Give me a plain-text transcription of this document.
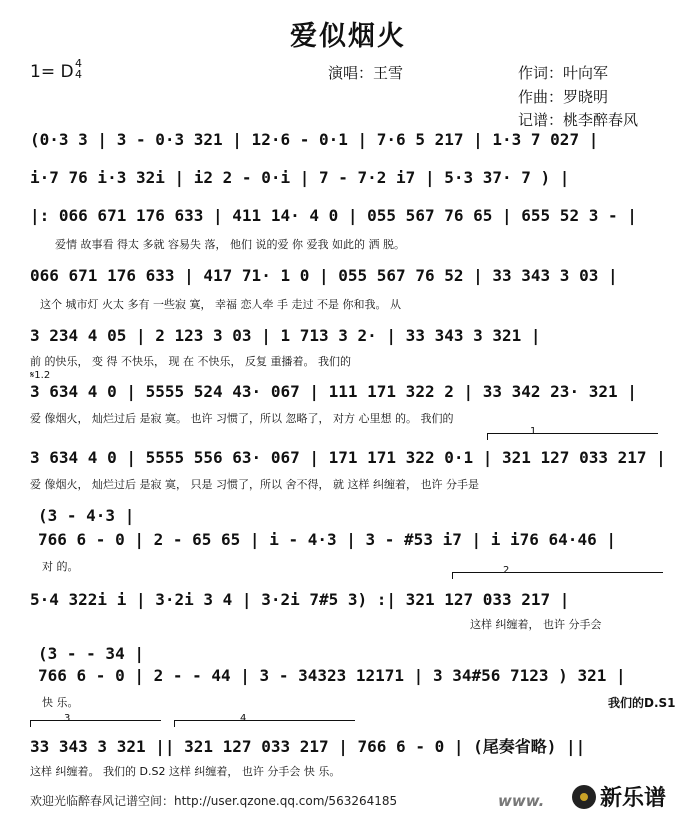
爱似烟火
1= D 4
4	演唱：王雪	作词：叶向军
作曲：罗晓明
记谱：桃李醉春风
(0·3 3 | 3 - 0·3 321 | 12·6 - 0·1 | 7·6 5 217 | 1·3 7 027 |
i·7 76 i·3 32i | i2 2 - 0·i | 7 - 7·2 i7 | 5·3 37· 7 ) |
|: 066 671 176 633 | 411 14· 4 0 | 055 567 76 65 | 655 52 3 - |
爱情 故事看 得太 多就 容易失 落， 他们 说的爱 你 爱我 如此的 洒 脱。
066 671 176 633 | 417 71· 1 0 | 055 567 76 52 | 33 343 3 03 |
这个 城市灯 火太 多有 一些寂 寞， 幸福 恋人牵 手 走过 不是 你和我。 从
3 234 4 05 | 2 123 3 03 | 1 713 3 2· | 33 343 3 321 |
前 的快乐， 变 得 不快乐， 现 在 不快乐， 反复 重播着。 我们的
𝄋1.2
3 634 4 0 | 5555 524 43· 067 | 111 171 322 2 | 33 342 23· 321 |
爱 像烟火， 灿烂过后 是寂 寞。 也许 习惯了，所以 忽略了， 对方 心里想 的。 我们的
1
3 634 4 0 | 5555 556 63· 067 | 171 171 322 0·1 | 321 127 033 217 |
爱 像烟火， 灿烂过后 是寂 寞， 只是 习惯了，所以 舍不得， 就 这样 纠缠着， 也许 分手是
(3 - 4·3 |
766 6 - 0 | 2 - 65 65 | i - 4·3 | 3 - #53 i7 | i i76 64·46 |
对 的。	2
5·4 322i i | 3·2i 3 4 | 3·2i 7#5 3) :| 321 127 033 217 |
这样 纠缠着， 也许 分手会
(3 - - 34 |
766 6 - 0 | 2 - - 44 | 3 - 34323 12171 | 3 34#56 7123 ) 321 |
快 乐。	我们的D.S1
3	4
33 343 3 321 || 321 127 033 217 | 766 6 - 0 | (尾奏省略) ||
这样 纠缠着。 我们的 D.S2 这样 纠缠着， 也许 分手会 快 乐。
欢迎光临醉春风记谱空间：http://user.qzone.qq.com/563264185	www.	新乐谱
